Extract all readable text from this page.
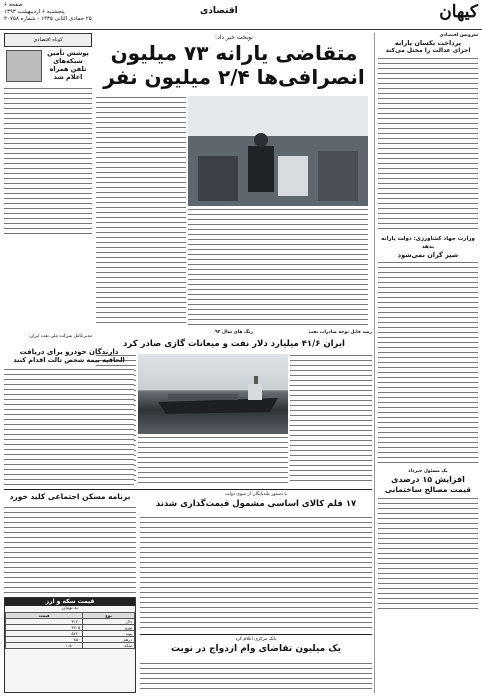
کیهان
اقتصادی
صفحه ۶
پنجشنبه ۶ اردیبهشت ۱۳۹۳
۲۵ جمادی الثانی ۱۴۳۵ - شماره ۲۰۷۵۸
سرویس اقتصادی
پرداخت یکسان یارانه
اجرای عدالت را مختل می‌کند
وزارت جهاد کشاورزی: دولت یارانه بدهد
شیر گران نمی‌شود
یک مسئول خبرداد
افزایش ۱۵ درصدی
قیمت مصالح ساختمانی
کوتاه اقتصادی
پوشش تأمین
شبکه‌های
تلفن همراه
اعلام شد
نوبخت خبر داد:
متقاضی یارانه ۷۳ میلیون
انصرافی‌ها ۲/۴ میلیون نفر
زنگ های سال ۹۲	رشد قابل توجه صادرات نفت
ایران ۴۱/۶ میلیارد دلار نفت و میعانات گازی صادر کرد
مدیرعامل شرکت ملی نفت ایران:
دارندگان خودرو برای دریافت
الحاقیه بیمه شخص ثالث اقدام کنند
با دستور بلندپایگان از سوی دولت
۱۷ قلم کالای اساسی مشمول قیمت‌گذاری شدند
برنامه مسکن اجتماعی کلید خورد
قیمت سکه و ارز
به تومان
نوع	قیمت
دلار	۳۱۲۰
یورو	۴۳۰۵
پوند	۵۲۲۰
درهم	۸۵۰
سکه	۱۰۵۰۰۰۰
بانک مرکزی اعلام کرد
یک میلیون تقاضای وام ازدواج در نوبت
